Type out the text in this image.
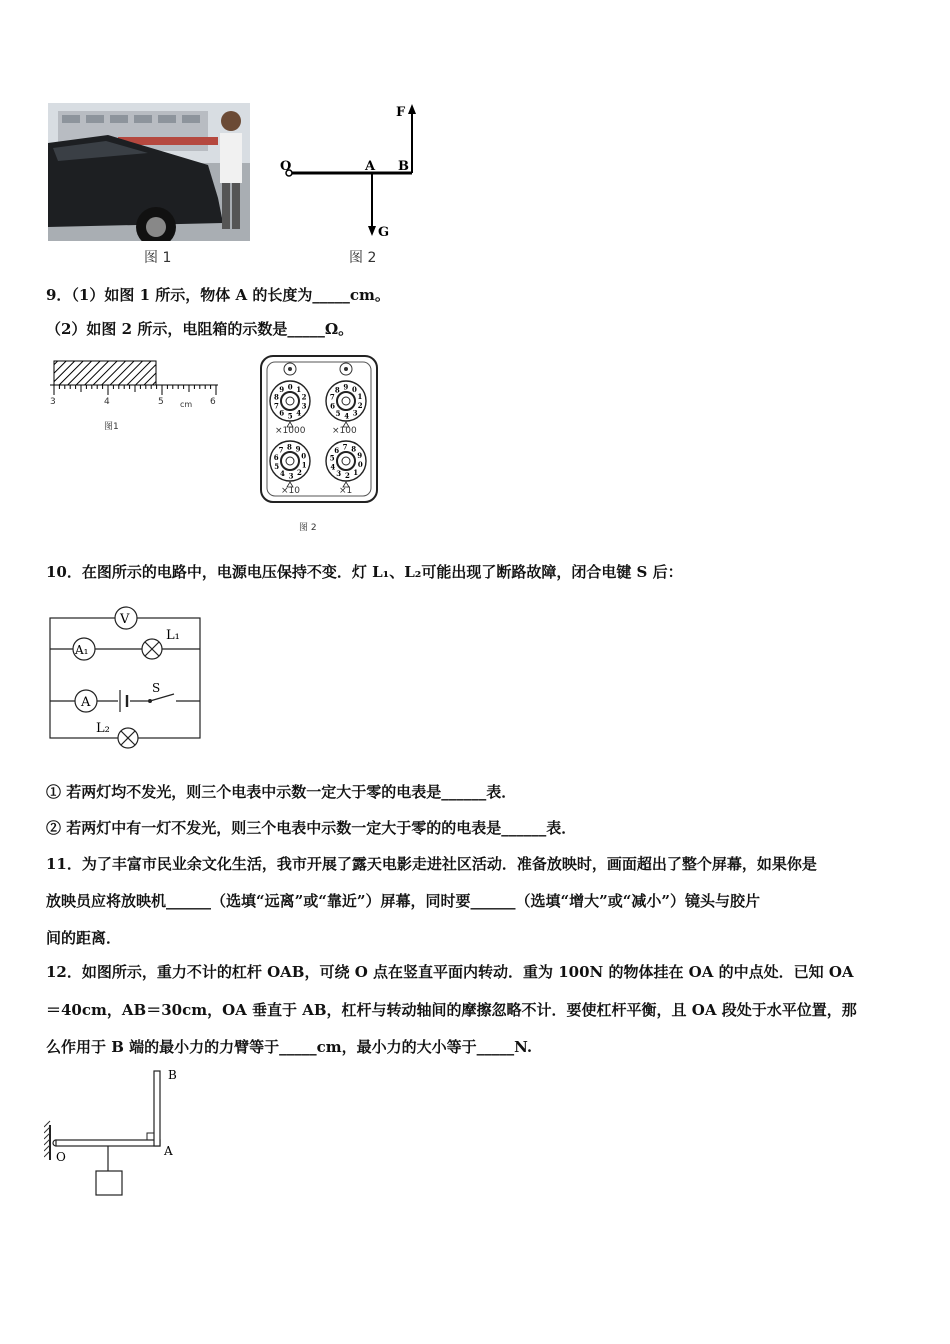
图 1
O	A B
F
G
图 2
9．（1）如图 1 所示，物体 A 的长度为_____cm。
（2）如图 2 所示，电阻箱的示数是_____Ω。
3	4	5 cm 6
图1
0 1
2
3
4
5
6
7
8
9	0
1
2
3
4
5
6
7
8 9
0
1
2
3
4
5
6
7 8 9
0
1
2
3
4
5
6 7 8
9
×1000	×100
×10	×1
图 2
10．在图所示的电路中，电源电压保持不变．灯 L₁、L₂可能出现了断路故障，闭合电键 S 后：
V
A₁
L₁
A
S
L₂
① 若两灯均不发光，则三个电表中示数一定大于零的电表是______表．
② 若两灯中有一灯不发光，则三个电表中示数一定大于零的的电表是______表．
11．为了丰富市民业余文化生活，我市开展了露天电影走进社区活动．准备放映时，画面超出了整个屏幕，如果你是
放映员应将放映机______（选填“远离”或“靠近”）屏幕，同时要______（选填“增大”或“减小”）镜头与胶片
间的距离．
12．如图所示，重力不计的杠杆 OAB，可绕 O 点在竖直平面内转动．重为 100N 的物体挂在 OA 的中点处．已知 OA
＝40cm，AB＝30cm，OA 垂直于 AB，杠杆与转动轴间的摩擦忽略不计．要使杠杆平衡，且 OA 段处于水平位置，那
么作用于 B 端的最小力的力臂等于_____cm，最小力的大小等于_____N.
B
O	A
